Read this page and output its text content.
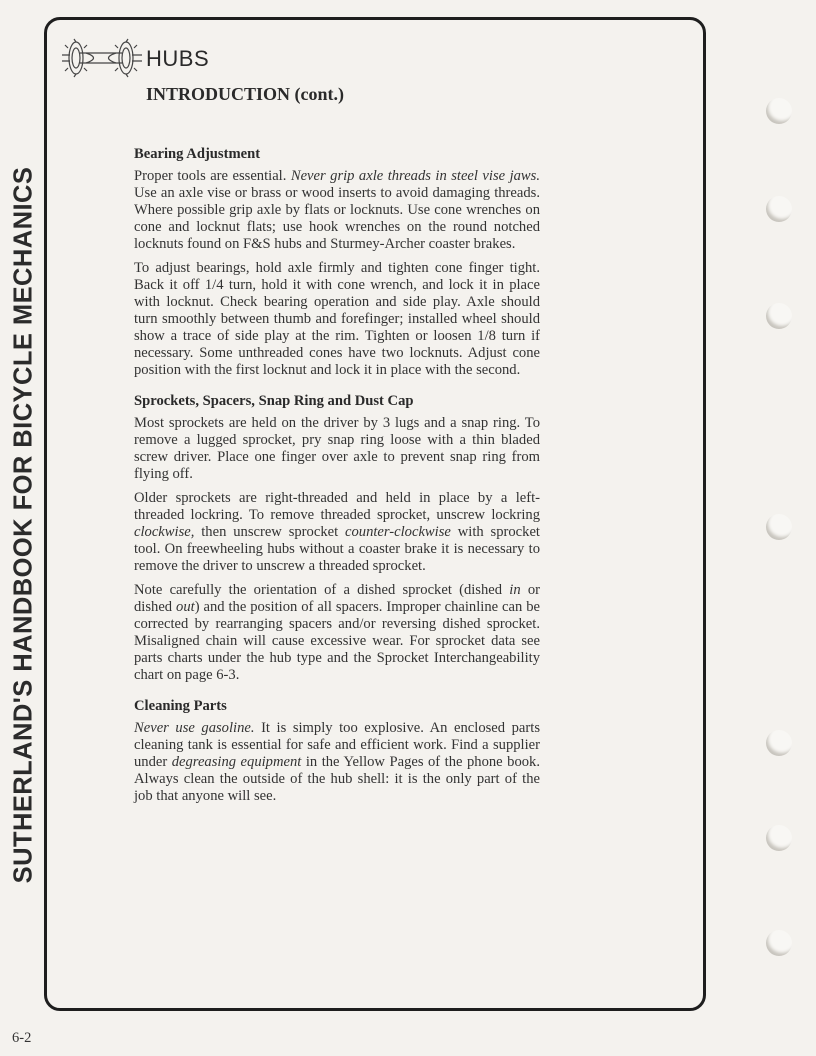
SUTHERLAND'S HANDBOOK FOR BICYCLE MECHANICS
HUBS
INTRODUCTION (cont.)
Bearing Adjustment

Proper tools are essential. Never grip axle threads in steel vise jaws. Use an axle vise or brass or wood inserts to avoid damaging threads. Where possible grip axle by flats or locknuts. Use cone wrenches on cone and locknut flats; use hook wrenches on the round notched locknuts found on F&S hubs and Sturmey-Archer coaster brakes.

To adjust bearings, hold axle firmly and tighten cone finger tight. Back it off 1/4 turn, hold it with cone wrench, and lock it in place with locknut. Check bearing operation and side play. Axle should turn smoothly between thumb and forefinger; installed wheel should show a trace of side play at the rim. Tighten or loosen 1/8 turn if necessary. Some unthreaded cones have two locknuts. Adjust cone position with the first locknut and lock it in place with the second.

Sprockets, Spacers, Snap Ring and Dust Cap

Most sprockets are held on the driver by 3 lugs and a snap ring. To remove a lugged sprocket, pry snap ring loose with a thin bladed screw driver. Place one finger over axle to prevent snap ring from flying off.

Older sprockets are right-threaded and held in place by a left-threaded lockring. To remove threaded sprocket, unscrew lockring clockwise, then unscrew sprocket counter-clockwise with sprocket tool. On freewheeling hubs without a coaster brake it is necessary to remove the driver to unscrew a threaded sprocket.

Note carefully the orientation of a dished sprocket (dished in or dished out) and the position of all spacers. Improper chainline can be corrected by rearranging spacers and/or reversing dished sprocket. Misaligned chain will cause excessive wear. For sprocket data see parts charts under the hub type and the Sprocket Interchangeability chart on page 6-3.

Cleaning Parts

Never use gasoline. It is simply too explosive. An enclosed parts cleaning tank is essential for safe and efficient work. Find a supplier under degreasing equipment in the Yellow Pages of the phone book. Always clean the outside of the hub shell: it is the only part of the job that anyone will see.

6-2
